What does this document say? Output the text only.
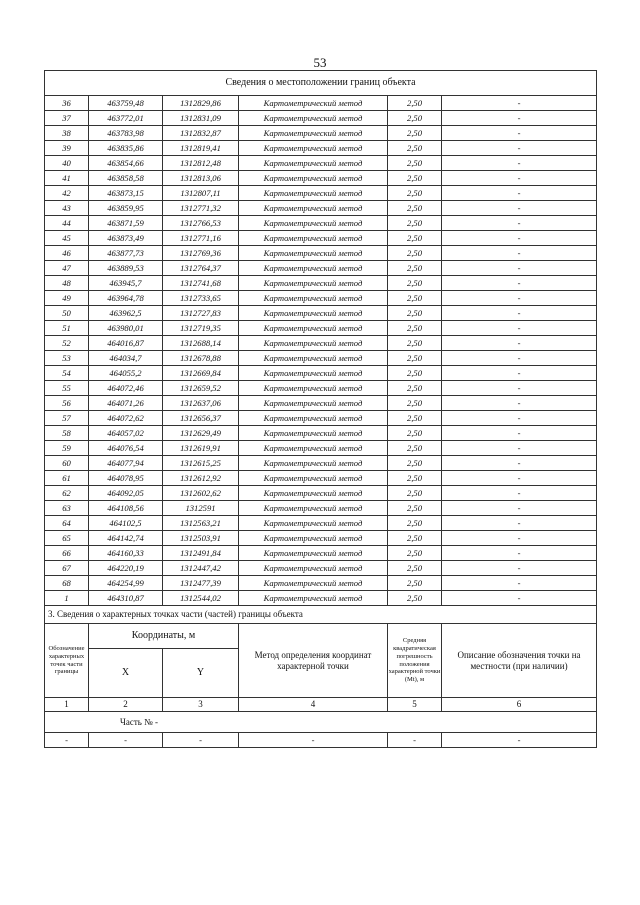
53
Сведения о местоположении границ объекта					
36	463759,48	1312829,86	Картометрический метод	2,50	-
37	463772,01	1312831,09	Картометрический метод	2,50	-
38	463783,98	1312832,87	Картометрический метод	2,50	-
39	463835,86	1312819,41	Картометрический метод	2,50	-
40	463854,66	1312812,48	Картометрический метод	2,50	-
41	463858,58	1312813,06	Картометрический метод	2,50	-
42	463873,15	1312807,11	Картометрический метод	2,50	-
43	463859,95	1312771,32	Картометрический метод	2,50	-
44	463871,59	1312766,53	Картометрический метод	2,50	-
45	463873,49	1312771,16	Картометрический метод	2,50	-
46	463877,73	1312769,36	Картометрический метод	2,50	-
47	463889,53	1312764,37	Картометрический метод	2,50	-
48	463945,7	1312741,68	Картометрический метод	2,50	-
49	463964,78	1312733,65	Картометрический метод	2,50	-
50	463962,5	1312727,83	Картометрический метод	2,50	-
51	463980,01	1312719,35	Картометрический метод	2,50	-
52	464016,87	1312688,14	Картометрический метод	2,50	-
53	464034,7	1312678,88	Картометрический метод	2,50	-
54	464055,2	1312669,84	Картометрический метод	2,50	-
55	464072,46	1312659,52	Картометрический метод	2,50	-
56	464071,26	1312637,06	Картометрический метод	2,50	-
57	464072,62	1312656,37	Картометрический метод	2,50	-
58	464057,02	1312629,49	Картометрический метод	2,50	-
59	464076,54	1312619,91	Картометрический метод	2,50	-
60	464077,94	1312615,25	Картометрический метод	2,50	-
61	464078,95	1312612,92	Картометрический метод	2,50	-
62	464092,05	1312602,62	Картометрический метод	2,50	-
63	464108,56	1312591	Картометрический метод	2,50	-
64	464102,5	1312563,21	Картометрический метод	2,50	-
65	464142,74	1312503,91	Картометрический метод	2,50	-
66	464160,33	1312491,84	Картометрический метод	2,50	-
67	464220,19	1312447,42	Картометрический метод	2,50	-
68	464254,99	1312477,39	Картометрический метод	2,50	-
1	464310,87	1312544,02	Картометрический метод	2,50	-
3. Сведения о характерных точках части (частей) границы объекта					
Обозначение характерных точек части границы	Координаты, м		Метод определения координат характерной точки	Средняя квадратическая погрешность положения характерной точки (Mt), м	Описание обозначения точки на местности (при наличии)
	X	Y			
1	2	3	4	5	6
Часть № -					
-	-	-	-	-	-
